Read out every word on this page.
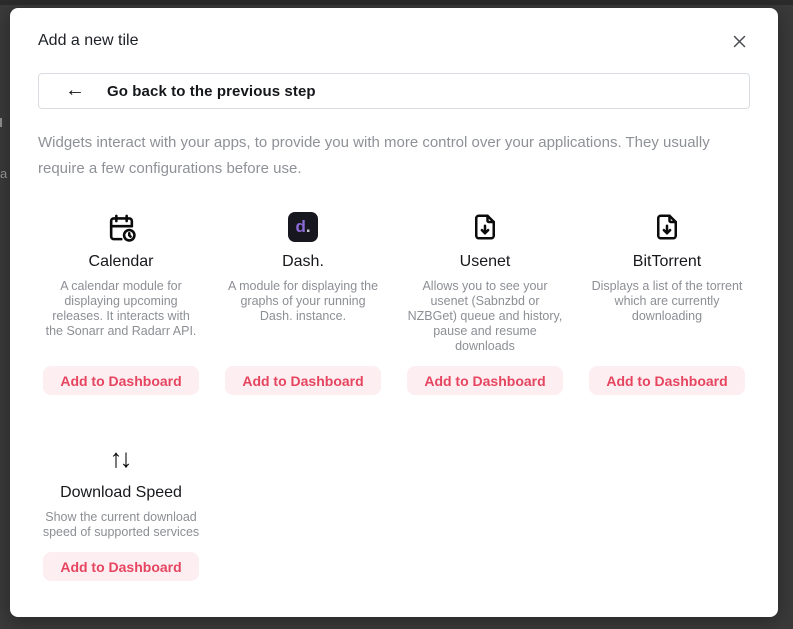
a
Add a new tile
← Go back to the previous step
Widgets interact with your apps, to provide you with more control over your applications. They usually require a few configurations before use.
Calendar
A calendar module for displaying upcoming releases. It interacts with the Sonarr and Radarr API.
Add to Dashboard
d .
Dash.
A module for displaying the graphs of your running Dash. instance.
Add to Dashboard
Usenet
Allows you to see your usenet (Sabnzbd or NZBGet) queue and history, pause and resume downloads
Add to Dashboard
BitTorrent
Displays a list of the torrent which are currently downloading
Add to Dashboard
↑↓
Download Speed
Show the current download speed of supported services
Add to Dashboard
